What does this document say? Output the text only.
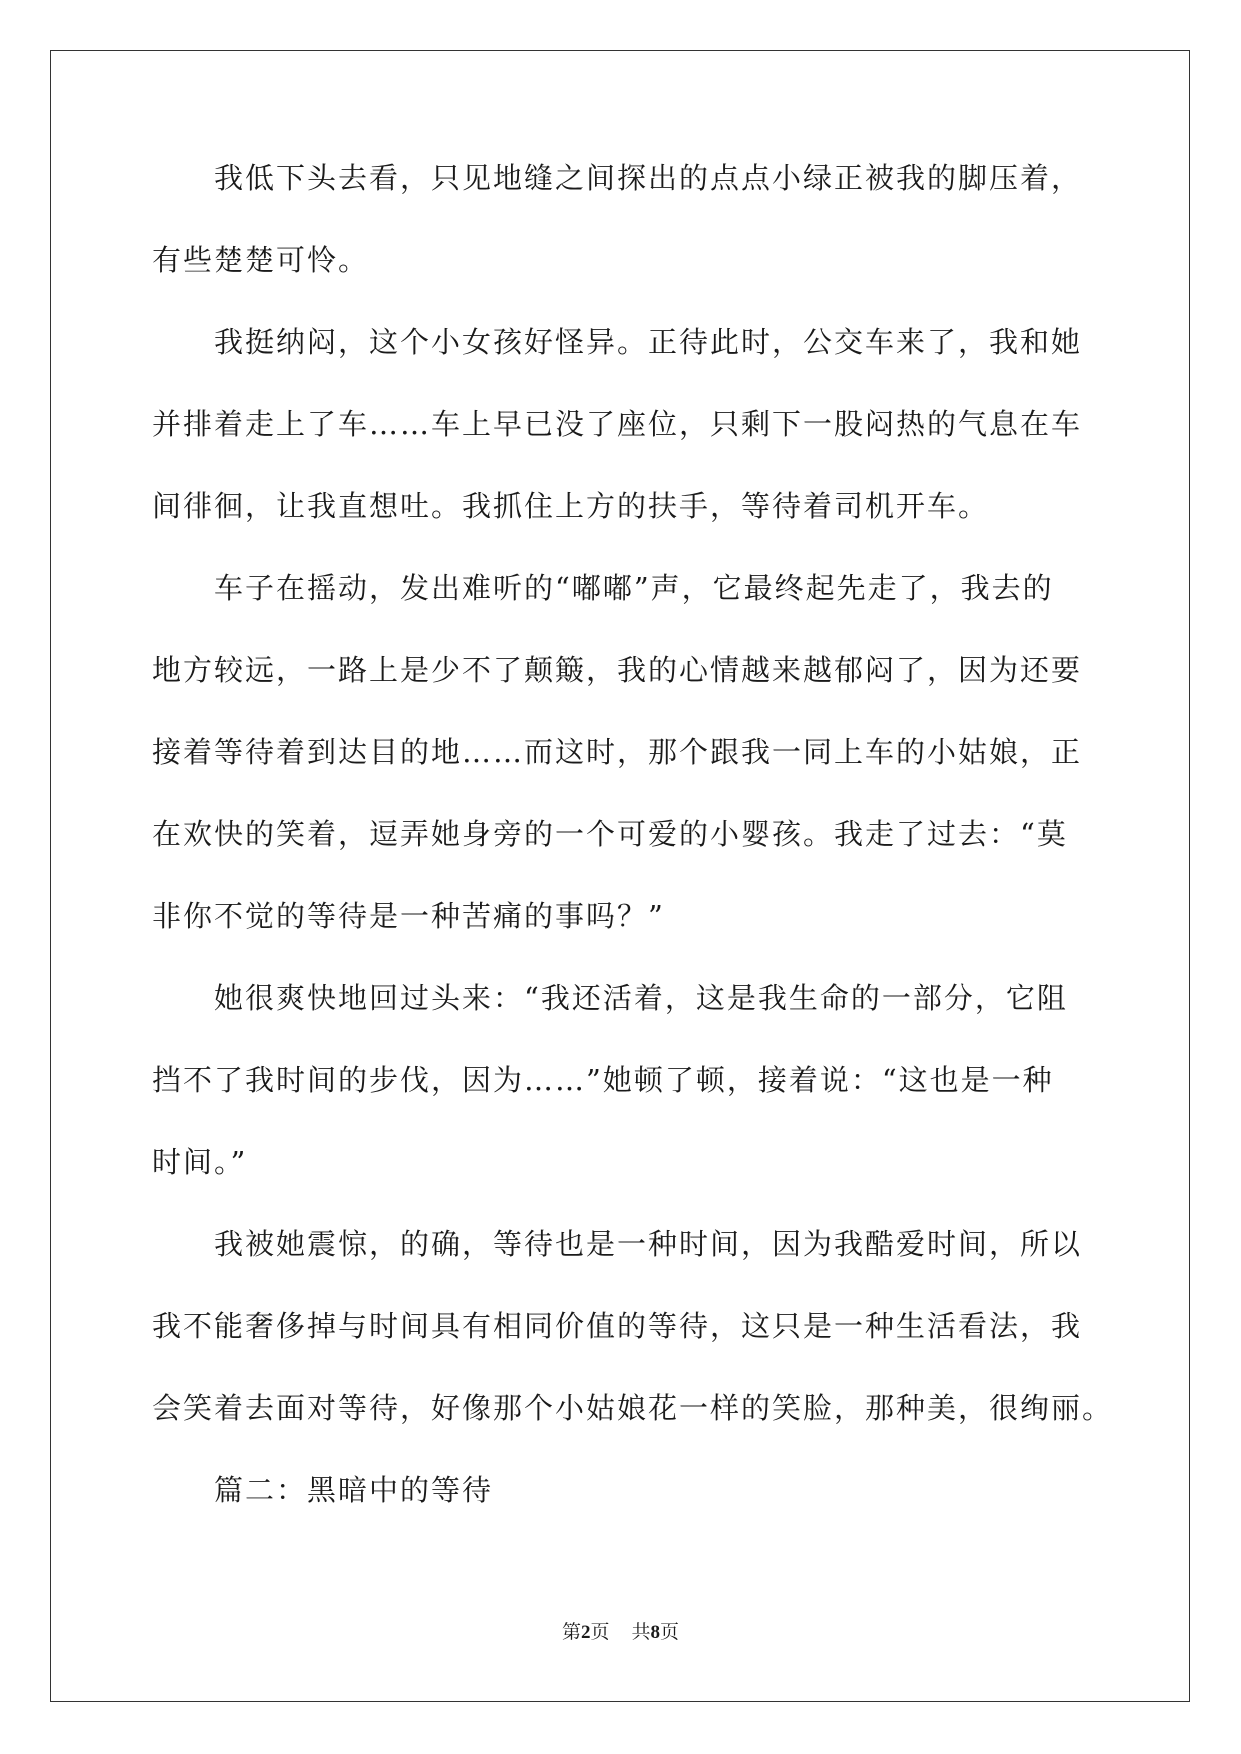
我低下头去看，只见地缝之间探出的点点小绿正被我的脚压着，
有些楚楚可怜。
我挺纳闷，这个小女孩好怪异。正待此时，公交车来了，我和她
并排着走上了车……车上早已没了座位，只剩下一股闷热的气息在车
间徘徊，让我直想吐。我抓住上方的扶手，等待着司机开车。
车子在摇动，发出难听的“嘟嘟”声，它最终起先走了，我去的
地方较远，一路上是少不了颠簸，我的心情越来越郁闷了，因为还要
接着等待着到达目的地……而这时，那个跟我一同上车的小姑娘，正
在欢快的笑着，逗弄她身旁的一个可爱的小婴孩。我走了过去：“莫
非你不觉的等待是一种苦痛的事吗？”
她很爽快地回过头来：“我还活着，这是我生命的一部分，它阻
挡不了我时间的步伐，因为……”她顿了顿，接着说：“这也是一种
时间。”
我被她震惊，的确，等待也是一种时间，因为我酷爱时间，所以
我不能奢侈掉与时间具有相同价值的等待，这只是一种生活看法，我
会笑着去面对等待，好像那个小姑娘花一样的笑脸，那种美，很绚丽。
篇二：黑暗中的等待
第2页 共8页
